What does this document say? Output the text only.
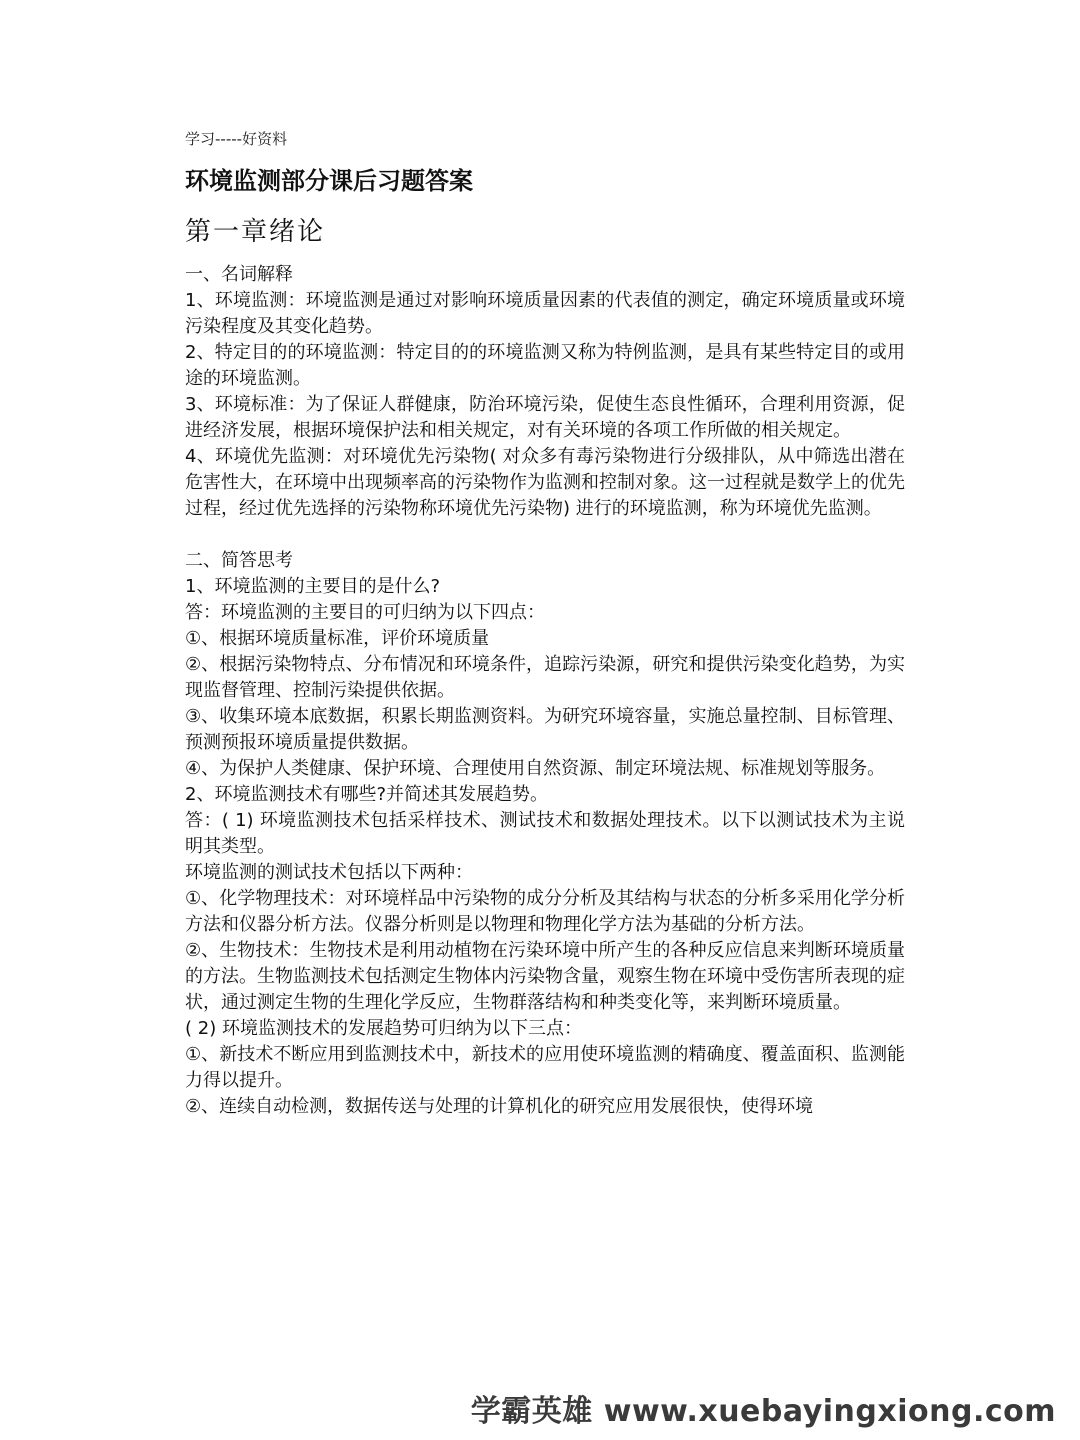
学习-----好资料
环境监测部分课后习题答案
第一章绪论

一、名词解释

1、环境监测：环境监测是通过对影响环境质量因素的代表值的测定，确定环境质量或环境污染程度及其变化趋势。

2、特定目的的环境监测：特定目的的环境监测又称为特例监测，是具有某些特定目的或用途的环境监测。

3、环境标准：为了保证人群健康，防治环境污染，促使生态良性循环，合理利用资源，促进经济发展，根据环境保护法和相关规定，对有关环境的各项工作所做的相关规定。

4、环境优先监测：对环境优先污染物( 对众多有毒污染物进行分级排队，从中筛选出潜在危害性大，在环境中出现频率高的污染物作为监测和控制对象。这一过程就是数学上的优先过程，经过优先选择的污染物称环境优先污染物) 进行的环境监测，称为环境优先监测。

二、简答思考

1、环境监测的主要目的是什么?

答：环境监测的主要目的可归纳为以下四点：

①、根据环境质量标准，评价环境质量

②、根据污染物特点、分布情况和环境条件，追踪污染源，研究和提供污染变化趋势，为实现监督管理、控制污染提供依据。

③、收集环境本底数据，积累长期监测资料。为研究环境容量，实施总量控制、目标管理、预测预报环境质量提供数据。

④、为保护人类健康、保护环境、合理使用自然资源、制定环境法规、标准规划等服务。

2、环境监测技术有哪些?并简述其发展趋势。

答：( 1) 环境监测技术包括采样技术、测试技术和数据处理技术。以下以测试技术为主说明其类型。

环境监测的测试技术包括以下两种：

①、化学物理技术：对环境样品中污染物的成分分析及其结构与状态的分析多采用化学分析方法和仪器分析方法。仪器分析则是以物理和物理化学方法为基础的分析方法。

②、生物技术：生物技术是利用动植物在污染环境中所产生的各种反应信息来判断环境质量的方法。生物监测技术包括测定生物体内污染物含量，观察生物在环境中受伤害所表现的症状，通过测定生物的生理化学反应，生物群落结构和种类变化等，来判断环境质量。

( 2) 环境监测技术的发展趋势可归纳为以下三点：

①、新技术不断应用到监测技术中，新技术的应用使环境监测的精确度、覆盖面积、监测能力得以提升。

②、连续自动检测，数据传送与处理的计算机化的研究应用发展很快，使得环境

学霸英雄 www.xuebayingxiong.com
